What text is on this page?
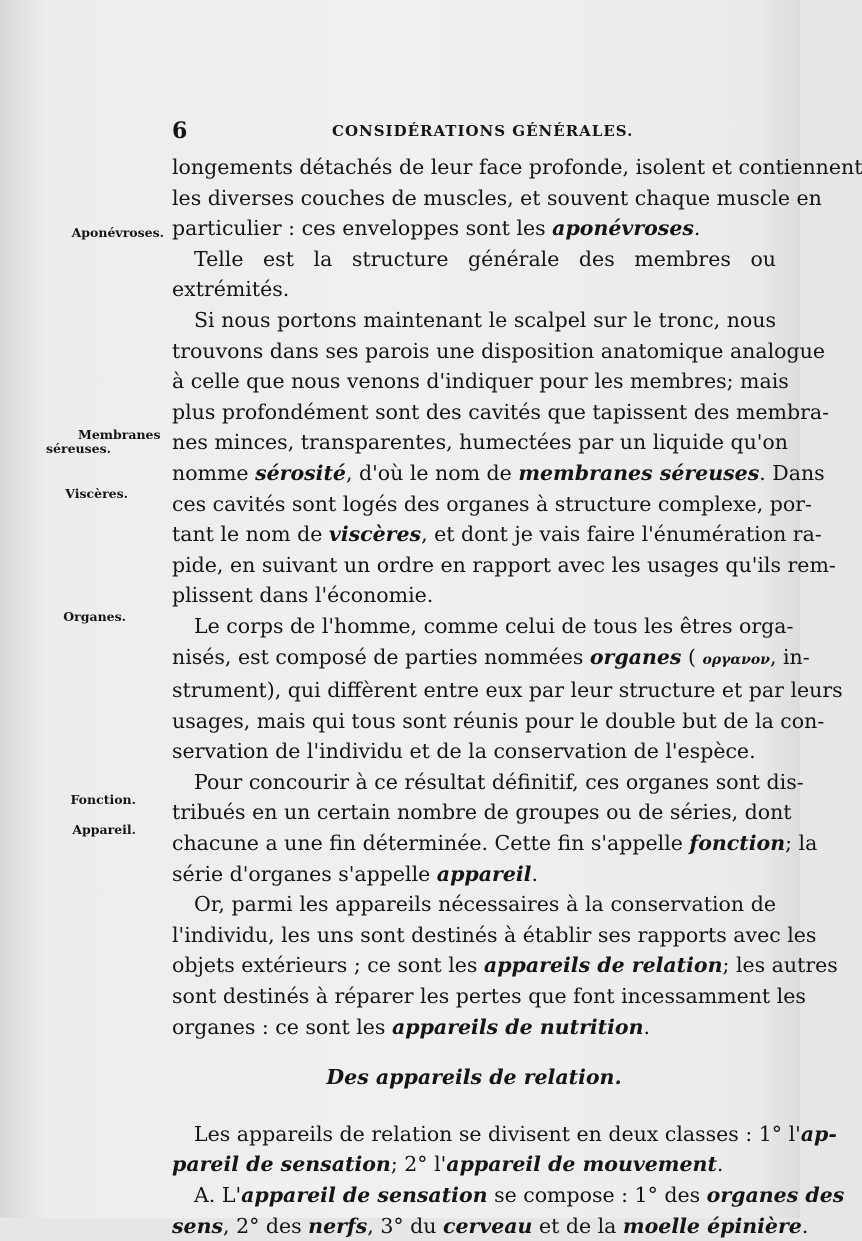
6	CONSIDÉRATIONS GÉNÉRALES.
Aponévroses.
Membranes
séreuses.
Viscères.
Organes.
Fonction.
Appareil.

longements détachés de leur face profonde, isolent et contiennent
les diverses couches de muscles, et souvent chaque muscle en
particulier : ces enveloppes sont les aponévroses.

Telle est la structure générale des membres ou extrémités.

Si nous portons maintenant le scalpel sur le tronc, nous
trouvons dans ses parois une disposition anatomique analogue
à celle que nous venons d'indiquer pour les membres; mais
plus profondément sont des cavités que tapissent des membra-
nes minces, transparentes, humectées par un liquide qu'on
nomme sérosité, d'où le nom de membranes séreuses. Dans
ces cavités sont logés des organes à structure complexe, por-
tant le nom de viscères, et dont je vais faire l'énumération ra-
pide, en suivant un ordre en rapport avec les usages qu'ils rem-
plissent dans l'économie.

Le corps de l'homme, comme celui de tous les êtres orga-
nisés, est composé de parties nommées organes ( οργανον, in-
strument), qui diffèrent entre eux par leur structure et par leurs
usages, mais qui tous sont réunis pour le double but de la con-
servation de l'individu et de la conservation de l'espèce.

Pour concourir à ce résultat définitif, ces organes sont dis-
tribués en un certain nombre de groupes ou de séries, dont
chacune a une fin déterminée. Cette fin s'appelle fonction; la
série d'organes s'appelle appareil.

Or, parmi les appareils nécessaires à la conservation de
l'individu, les uns sont destinés à établir ses rapports avec les
objets extérieurs ; ce sont les appareils de relation; les autres
sont destinés à réparer les pertes que font incessamment les
organes : ce sont les appareils de nutrition.

Des appareils de relation.

Les appareils de relation se divisent en deux classes : 1° l'ap-
pareil de sensation; 2° l'appareil de mouvement.

A. L'appareil de sensation se compose : 1° des organes des
sens, 2° des nerfs, 3° du cerveau et de la moelle épinière.
